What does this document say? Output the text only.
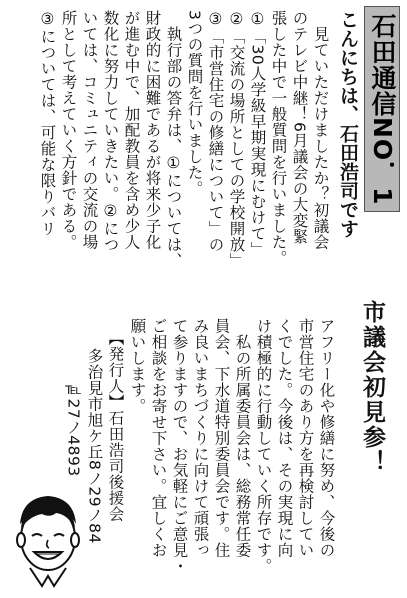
石田通信NO．1
こんにちは、石田浩司です
見ていただけましたか？初議会
のテレビ中継！6月議会の大変緊
張した中で一般質問を行いました。
①「30人学級早期実現にむけて」
②「交流の場所としての学校開放」
③「市営住宅の修繕について」の
3つの質問を行いました。
執行部の答弁は、①については、
財政的に困難であるが将来少子化
が進む中で、加配教員を含め少人
数化に努力していきたい。②につ
いては、コミュニティの交流の場
所として考えていく方針である。
③については、可能な限りバリ
市議会初見参！
アフリー化や修繕に努め、今後の
市営住宅のあり方を再検討してい
くでした。今後は、その実現に向
け積極的に行動していく所存です。
私の所属委員会は、総務常任委
員会、下水道特別委員会です。住
み良いまちづくりに向けて頑張っ
て参りますので、お気軽にご意見・
ご相談をお寄せ下さい。宜しくお
願いします。
【発行人】石田浩司後援会
多治見市旭ケ丘8ノ29ノ84
℡27ノ4893
